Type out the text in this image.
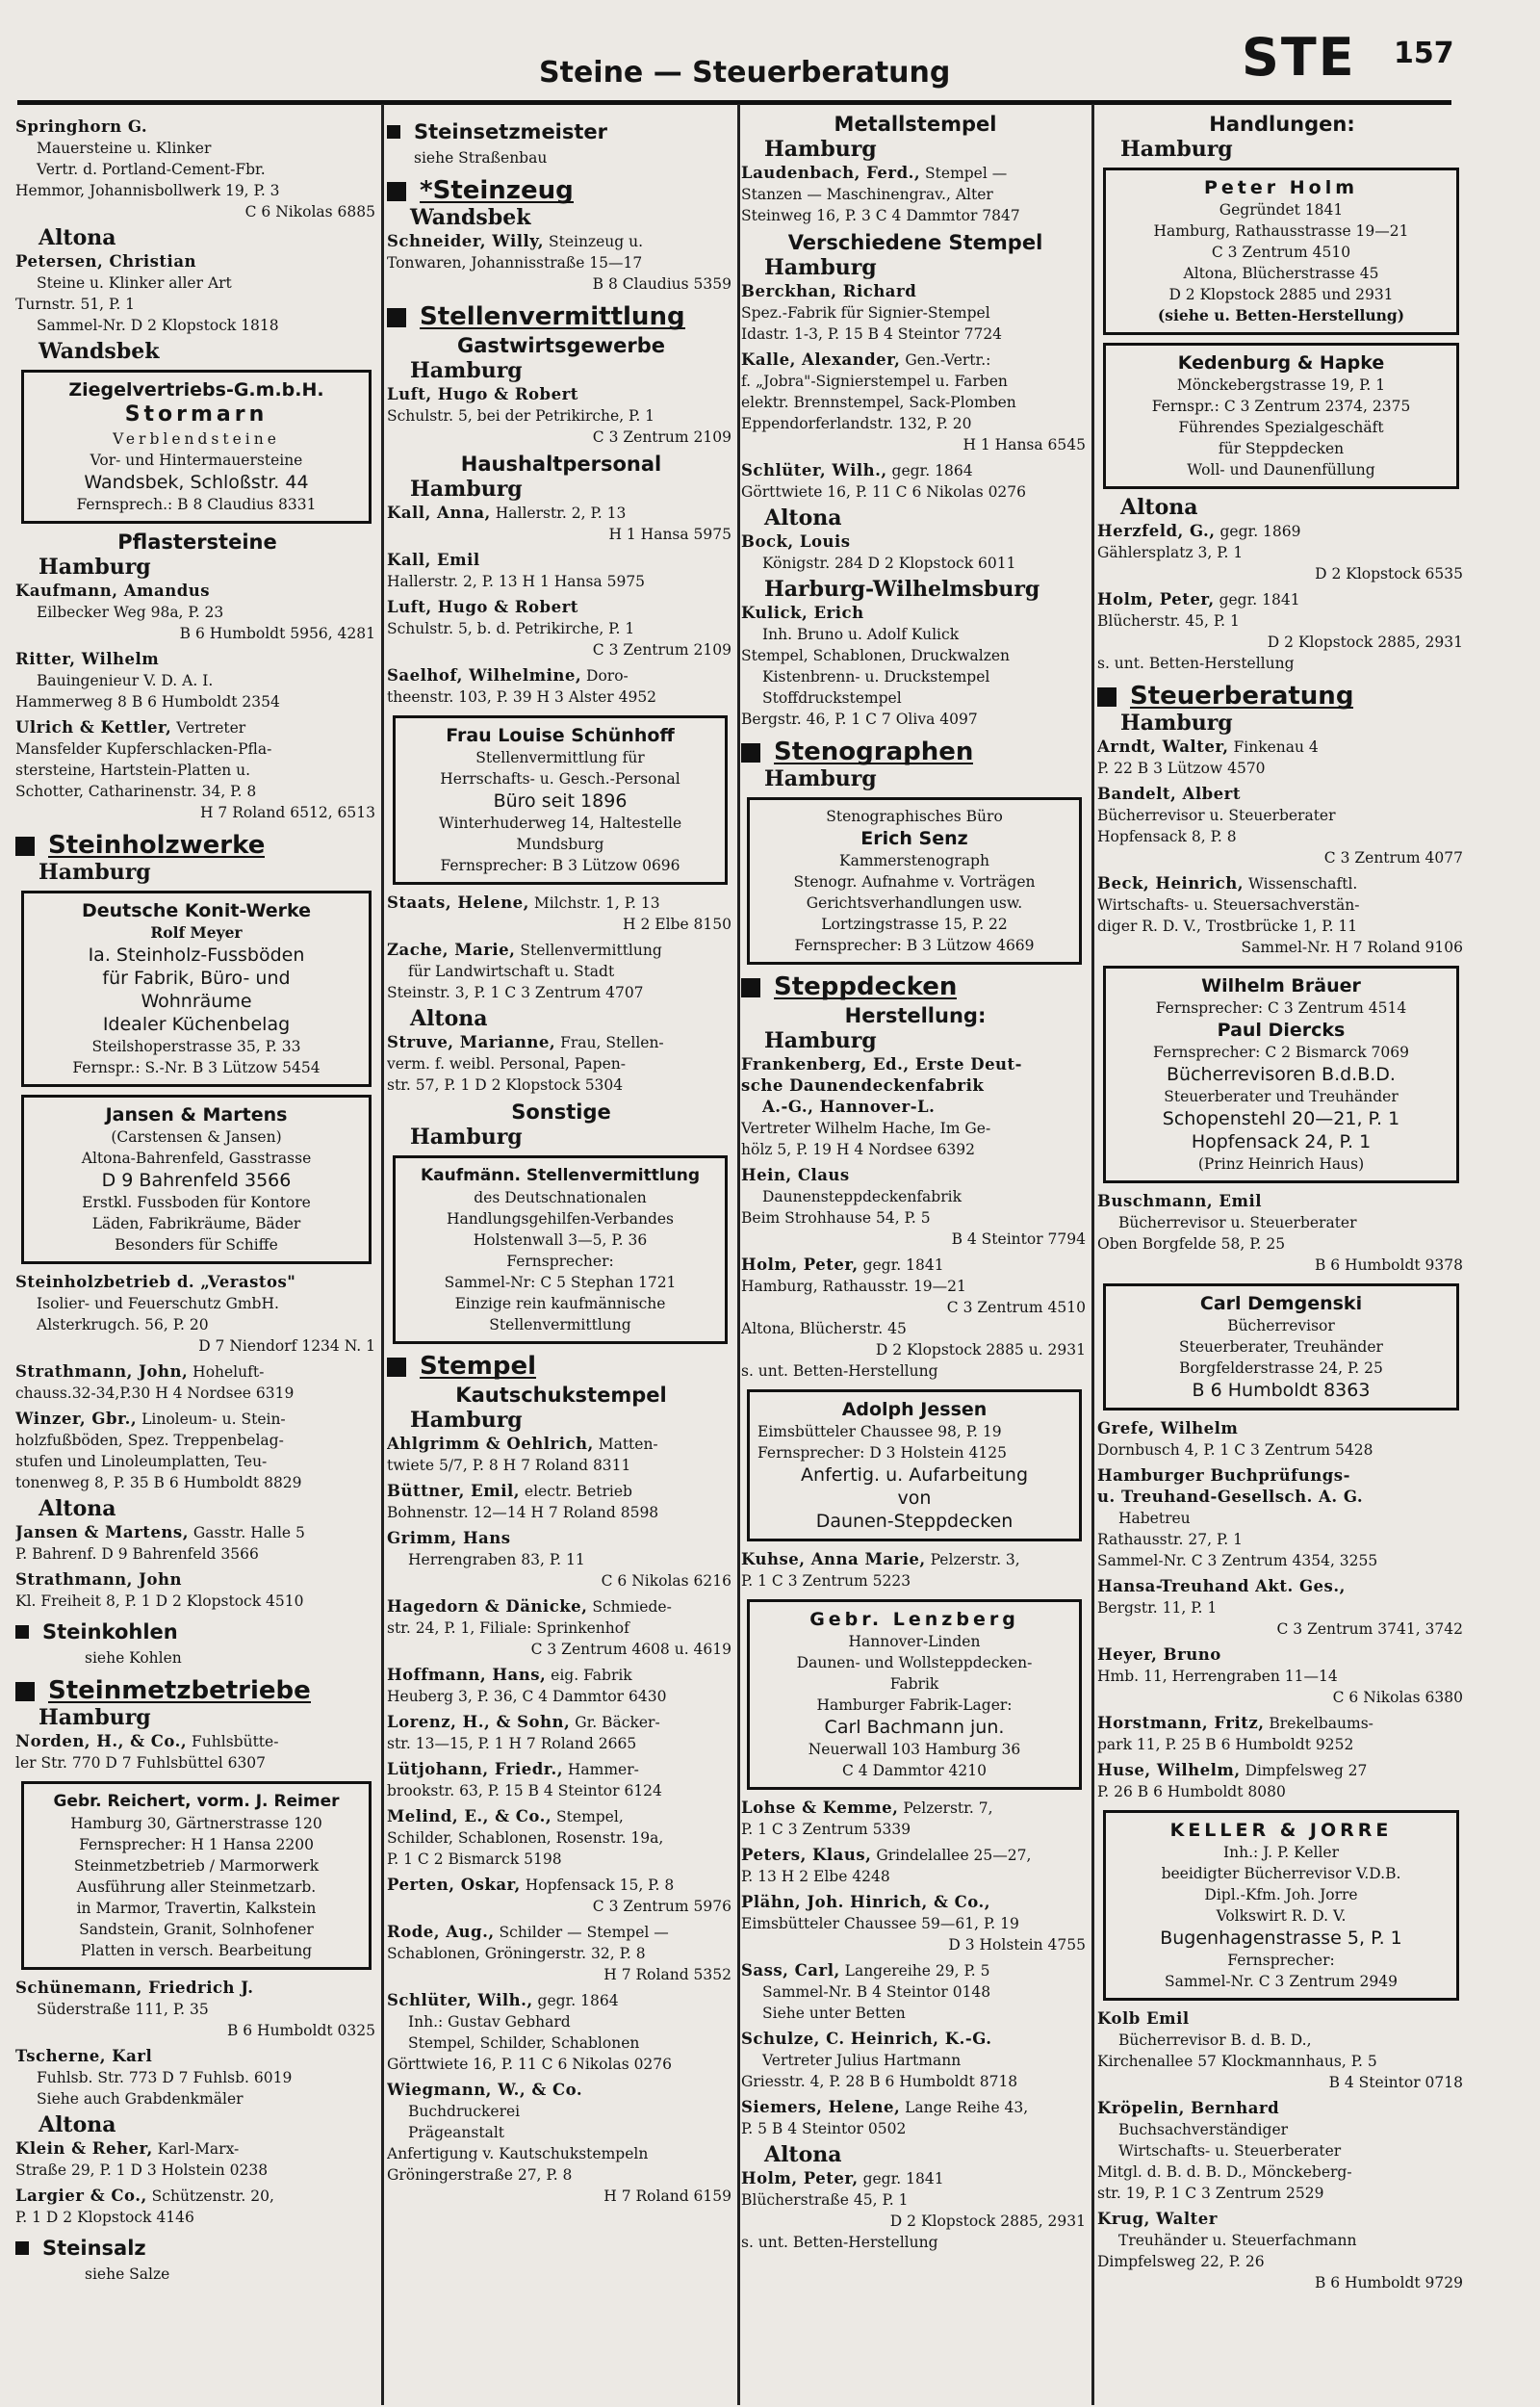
Steine — Steuerberatung	STE 157
Springhorn G.
Mauersteine u. Klinker
Vertr. d. Portland-Cement-Fbr.
Hemmor, Johannisbollwerk 19, P. 3
C 6 Nikolas 6885
Altona
Petersen, Christian
Steine u. Klinker aller Art
Turnstr. 51, P. 1
Sammel-Nr. D 2 Klopstock 1818
Wandsbek
Ziegelvertriebs-G.m.b.H.
Stormarn
Verblendsteine
Vor- und Hintermauersteine
Wandsbek, Schloßstr. 44
Fernsprech.: B 8 Claudius 8331
Pflastersteine
Hamburg
Kaufmann, Amandus
Eilbecker Weg 98a, P. 23
B 6 Humboldt 5956, 4281
Ritter, Wilhelm
Bauingenieur V. D. A. I.
Hammerweg 8 B 6 Humboldt 2354
Ulrich & Kettler, Vertreter
Mansfelder Kupferschlacken-Pfla-
stersteine, Hartstein-Platten u.
Schotter, Catharinenstr. 34, P. 8
H 7 Roland 6512, 6513
Steinholzwerke
Hamburg
Deutsche Konit-Werke
Rolf Meyer
Ia. Steinholz-Fussböden
für Fabrik, Büro- und
Wohnräume
Idealer Küchenbelag
Steilshoperstrasse 35, P. 33
Fernspr.: S.-Nr. B 3 Lützow 5454
Jansen & Martens
(Carstensen & Jansen)
Altona-Bahrenfeld, Gasstrasse
D 9 Bahrenfeld 3566
Erstkl. Fussboden für Kontore
Läden, Fabrikräume, Bäder
Besonders für Schiffe
Steinholzbetrieb d. „Verastos"
Isolier- und Feuerschutz GmbH.
Alsterkrugch. 56, P. 20
D 7 Niendorf 1234 N. 1
Strathmann, John, Hoheluft-
chauss.32-34,P.30 H 4 Nordsee 6319
Winzer, Gbr., Linoleum- u. Stein-
holzfußböden, Spez. Treppenbelag-
stufen und Linoleumplatten, Teu-
tonenweg 8, P. 35 B 6 Humboldt 8829
Altona
Jansen & Martens, Gasstr. Halle 5
P. Bahrenf. D 9 Bahrenfeld 3566
Strathmann, John
Kl. Freiheit 8, P. 1 D 2 Klopstock 4510
Steinkohlen
siehe Kohlen
Steinmetzbetriebe
Hamburg
Norden, H., & Co., Fuhlsbütte-
ler Str. 770 D 7 Fuhlsbüttel 6307
Gebr. Reichert, vorm. J. Reimer
Hamburg 30, Gärtnerstrasse 120
Fernsprecher: H 1 Hansa 2200
Steinmetzbetrieb / Marmorwerk
Ausführung aller Steinmetzarb.
in Marmor, Travertin, Kalkstein
Sandstein, Granit, Solnhofener
Platten in versch. Bearbeitung
Schünemann, Friedrich J.
Süderstraße 111, P. 35
B 6 Humboldt 0325
Tscherne, Karl
Fuhlsb. Str. 773 D 7 Fuhlsb. 6019
Siehe auch Grabdenkmäler
Altona
Klein & Reher, Karl-Marx-
Straße 29, P. 1 D 3 Holstein 0238
Largier & Co., Schützenstr. 20,
P. 1 D 2 Klopstock 4146
Steinsalz
siehe Salze
Steinsetzmeister
siehe Straßenbau
*Steinzeug
Wandsbek
Schneider, Willy, Steinzeug u.
Tonwaren, Johannisstraße 15—17
B 8 Claudius 5359
Stellenvermittlung
Gastwirtsgewerbe
Hamburg
Luft, Hugo & Robert
Schulstr. 5, bei der Petrikirche, P. 1
C 3 Zentrum 2109
Haushaltpersonal
Hamburg
Kall, Anna, Hallerstr. 2, P. 13
H 1 Hansa 5975
Kall, Emil
Hallerstr. 2, P. 13 H 1 Hansa 5975
Luft, Hugo & Robert
Schulstr. 5, b. d. Petrikirche, P. 1
C 3 Zentrum 2109
Saelhof, Wilhelmine, Doro-
theenstr. 103, P. 39 H 3 Alster 4952
Frau Louise Schünhoff
Stellenvermittlung für
Herrschafts- u. Gesch.-Personal
Büro seit 1896
Winterhuderweg 14, Haltestelle
Mundsburg
Fernsprecher: B 3 Lützow 0696
Staats, Helene, Milchstr. 1, P. 13
H 2 Elbe 8150
Zache, Marie, Stellenvermittlung
für Landwirtschaft u. Stadt
Steinstr. 3, P. 1 C 3 Zentrum 4707
Altona
Struve, Marianne, Frau, Stellen-
verm. f. weibl. Personal, Papen-
str. 57, P. 1 D 2 Klopstock 5304
Sonstige
Hamburg
Kaufmänn. Stellenvermittlung
des Deutschnationalen
Handlungsgehilfen-Verbandes
Holstenwall 3—5, P. 36
Fernsprecher:
Sammel-Nr: C 5 Stephan 1721
Einzige rein kaufmännische
Stellenvermittlung
Stempel
Kautschukstempel
Hamburg
Ahlgrimm & Oehlrich, Matten-
twiete 5/7, P. 8 H 7 Roland 8311
Büttner, Emil, electr. Betrieb
Bohnenstr. 12—14 H 7 Roland 8598
Grimm, Hans
Herrengraben 83, P. 11
C 6 Nikolas 6216
Hagedorn & Dänicke, Schmiede-
str. 24, P. 1, Filiale: Sprinkenhof
C 3 Zentrum 4608 u. 4619
Hoffmann, Hans, eig. Fabrik
Heuberg 3, P. 36, C 4 Dammtor 6430
Lorenz, H., & Sohn, Gr. Bäcker-
str. 13—15, P. 1 H 7 Roland 2665
Lütjohann, Friedr., Hammer-
brookstr. 63, P. 15 B 4 Steintor 6124
Melind, E., & Co., Stempel,
Schilder, Schablonen, Rosenstr. 19a,
P. 1 C 2 Bismarck 5198
Perten, Oskar, Hopfensack 15, P. 8
C 3 Zentrum 5976
Rode, Aug., Schilder — Stempel —
Schablonen, Gröningerstr. 32, P. 8
H 7 Roland 5352
Schlüter, Wilh., gegr. 1864
Inh.: Gustav Gebhard
Stempel, Schilder, Schablonen
Görttwiete 16, P. 11 C 6 Nikolas 0276
Wiegmann, W., & Co.
Buchdruckerei
Prägeanstalt
Anfertigung v. Kautschukstempeln
Gröningerstraße 27, P. 8
H 7 Roland 6159
Metallstempel
Hamburg
Laudenbach, Ferd., Stempel —
Stanzen — Maschinengrav., Alter
Steinweg 16, P. 3 C 4 Dammtor 7847
Verschiedene Stempel
Hamburg
Berckhan, Richard
Spez.-Fabrik für Signier-Stempel
Idastr. 1-3, P. 15 B 4 Steintor 7724
Kalle, Alexander, Gen.-Vertr.:
f. „Jobra"-Signierstempel u. Farben
elektr. Brennstempel, Sack-Plomben
Eppendorferlandstr. 132, P. 20
H 1 Hansa 6545
Schlüter, Wilh., gegr. 1864
Görttwiete 16, P. 11 C 6 Nikolas 0276
Altona
Bock, Louis
Königstr. 284 D 2 Klopstock 6011
Harburg-Wilhelmsburg
Kulick, Erich
Inh. Bruno u. Adolf Kulick
Stempel, Schablonen, Druckwalzen
Kistenbrenn- u. Druckstempel
Stoffdruckstempel
Bergstr. 46, P. 1 C 7 Oliva 4097
Stenographen
Hamburg
Stenographisches Büro
Erich Senz
Kammerstenograph
Stenogr. Aufnahme v. Vorträgen
Gerichtsverhandlungen usw.
Lortzingstrasse 15, P. 22
Fernsprecher: B 3 Lützow 4669
Steppdecken
Herstellung:
Hamburg
Frankenberg, Ed., Erste Deut-
sche Daunendeckenfabrik
A.-G., Hannover-L.
Vertreter Wilhelm Hache, Im Ge-
hölz 5, P. 19 H 4 Nordsee 6392
Hein, Claus
Daunensteppdeckenfabrik
Beim Strohhause 54, P. 5
B 4 Steintor 7794
Holm, Peter, gegr. 1841
Hamburg, Rathausstr. 19—21
C 3 Zentrum 4510
Altona, Blücherstr. 45
D 2 Klopstock 2885 u. 2931
s. unt. Betten-Herstellung
Adolph Jessen
Eimsbütteler Chaussee 98, P. 19
Fernsprecher: D 3 Holstein 4125
Anfertig. u. Aufarbeitung
von
Daunen-Steppdecken
Kuhse, Anna Marie, Pelzerstr. 3,
P. 1 C 3 Zentrum 5223
Gebr. Lenzberg
Hannover-Linden
Daunen- und Wollsteppdecken-
Fabrik
Hamburger Fabrik-Lager:
Carl Bachmann jun.
Neuerwall 103 Hamburg 36
C 4 Dammtor 4210
Lohse & Kemme, Pelzerstr. 7,
P. 1 C 3 Zentrum 5339
Peters, Klaus, Grindelallee 25—27,
P. 13 H 2 Elbe 4248
Plähn, Joh. Hinrich, & Co.,
Eimsbütteler Chaussee 59—61, P. 19
D 3 Holstein 4755
Sass, Carl, Langereihe 29, P. 5
Sammel-Nr. B 4 Steintor 0148
Siehe unter Betten
Schulze, C. Heinrich, K.-G.
Vertreter Julius Hartmann
Griesstr. 4, P. 28 B 6 Humboldt 8718
Siemers, Helene, Lange Reihe 43,
P. 5 B 4 Steintor 0502
Altona
Holm, Peter, gegr. 1841
Blücherstraße 45, P. 1
D 2 Klopstock 2885, 2931
s. unt. Betten-Herstellung
Handlungen:
Hamburg
Peter Holm
Gegründet 1841
Hamburg, Rathausstrasse 19—21
C 3 Zentrum 4510
Altona, Blücherstrasse 45
D 2 Klopstock 2885 und 2931
(siehe u. Betten-Herstellung)
Kedenburg & Hapke
Mönckebergstrasse 19, P. 1
Fernspr.: C 3 Zentrum 2374, 2375
Führendes Spezialgeschäft
für Steppdecken
Woll- und Daunenfüllung
Altona
Herzfeld, G., gegr. 1869
Gählersplatz 3, P. 1
D 2 Klopstock 6535
Holm, Peter, gegr. 1841
Blücherstr. 45, P. 1
D 2 Klopstock 2885, 2931
s. unt. Betten-Herstellung
Steuerberatung
Hamburg
Arndt, Walter, Finkenau 4
P. 22 B 3 Lützow 4570
Bandelt, Albert
Bücherrevisor u. Steuerberater
Hopfensack 8, P. 8
C 3 Zentrum 4077
Beck, Heinrich, Wissenschaftl.
Wirtschafts- u. Steuersachverstän-
diger R. D. V., Trostbrücke 1, P. 11
Sammel-Nr. H 7 Roland 9106
Wilhelm Bräuer
Fernsprecher: C 3 Zentrum 4514
Paul Diercks
Fernsprecher: C 2 Bismarck 7069
Bücherrevisoren B.d.B.D.
Steuerberater und Treuhänder
Schopenstehl 20—21, P. 1
Hopfensack 24, P. 1
(Prinz Heinrich Haus)
Buschmann, Emil
Bücherrevisor u. Steuerberater
Oben Borgfelde 58, P. 25
B 6 Humboldt 9378
Carl Demgenski
Bücherrevisor
Steuerberater, Treuhänder
Borgfelderstrasse 24, P. 25
B 6 Humboldt 8363
Grefe, Wilhelm
Dornbusch 4, P. 1 C 3 Zentrum 5428
Hamburger Buchprüfungs-
u. Treuhand-Gesellsch. A. G.
Habetreu
Rathausstr. 27, P. 1
Sammel-Nr. C 3 Zentrum 4354, 3255
Hansa-Treuhand Akt. Ges.,
Bergstr. 11, P. 1
C 3 Zentrum 3741, 3742
Heyer, Bruno
Hmb. 11, Herrengraben 11—14
C 6 Nikolas 6380
Horstmann, Fritz, Brekelbaums-
park 11, P. 25 B 6 Humboldt 9252
Huse, Wilhelm, Dimpfelsweg 27
P. 26 B 6 Humboldt 8080
KELLER & JORRE
Inh.: J. P. Keller
beeidigter Bücherrevisor V.D.B.
Dipl.-Kfm. Joh. Jorre
Volkswirt R. D. V.
Bugenhagenstrasse 5, P. 1
Fernsprecher:
Sammel-Nr. C 3 Zentrum 2949
Kolb Emil
Bücherrevisor B. d. B. D.,
Kirchenallee 57 Klockmannhaus, P. 5
B 4 Steintor 0718
Kröpelin, Bernhard
Buchsachverständiger
Wirtschafts- u. Steuerberater
Mitgl. d. B. d. B. D., Mönckeberg-
str. 19, P. 1 C 3 Zentrum 2529
Krug, Walter
Treuhänder u. Steuerfachmann
Dimpfelsweg 22, P. 26
B 6 Humboldt 9729
